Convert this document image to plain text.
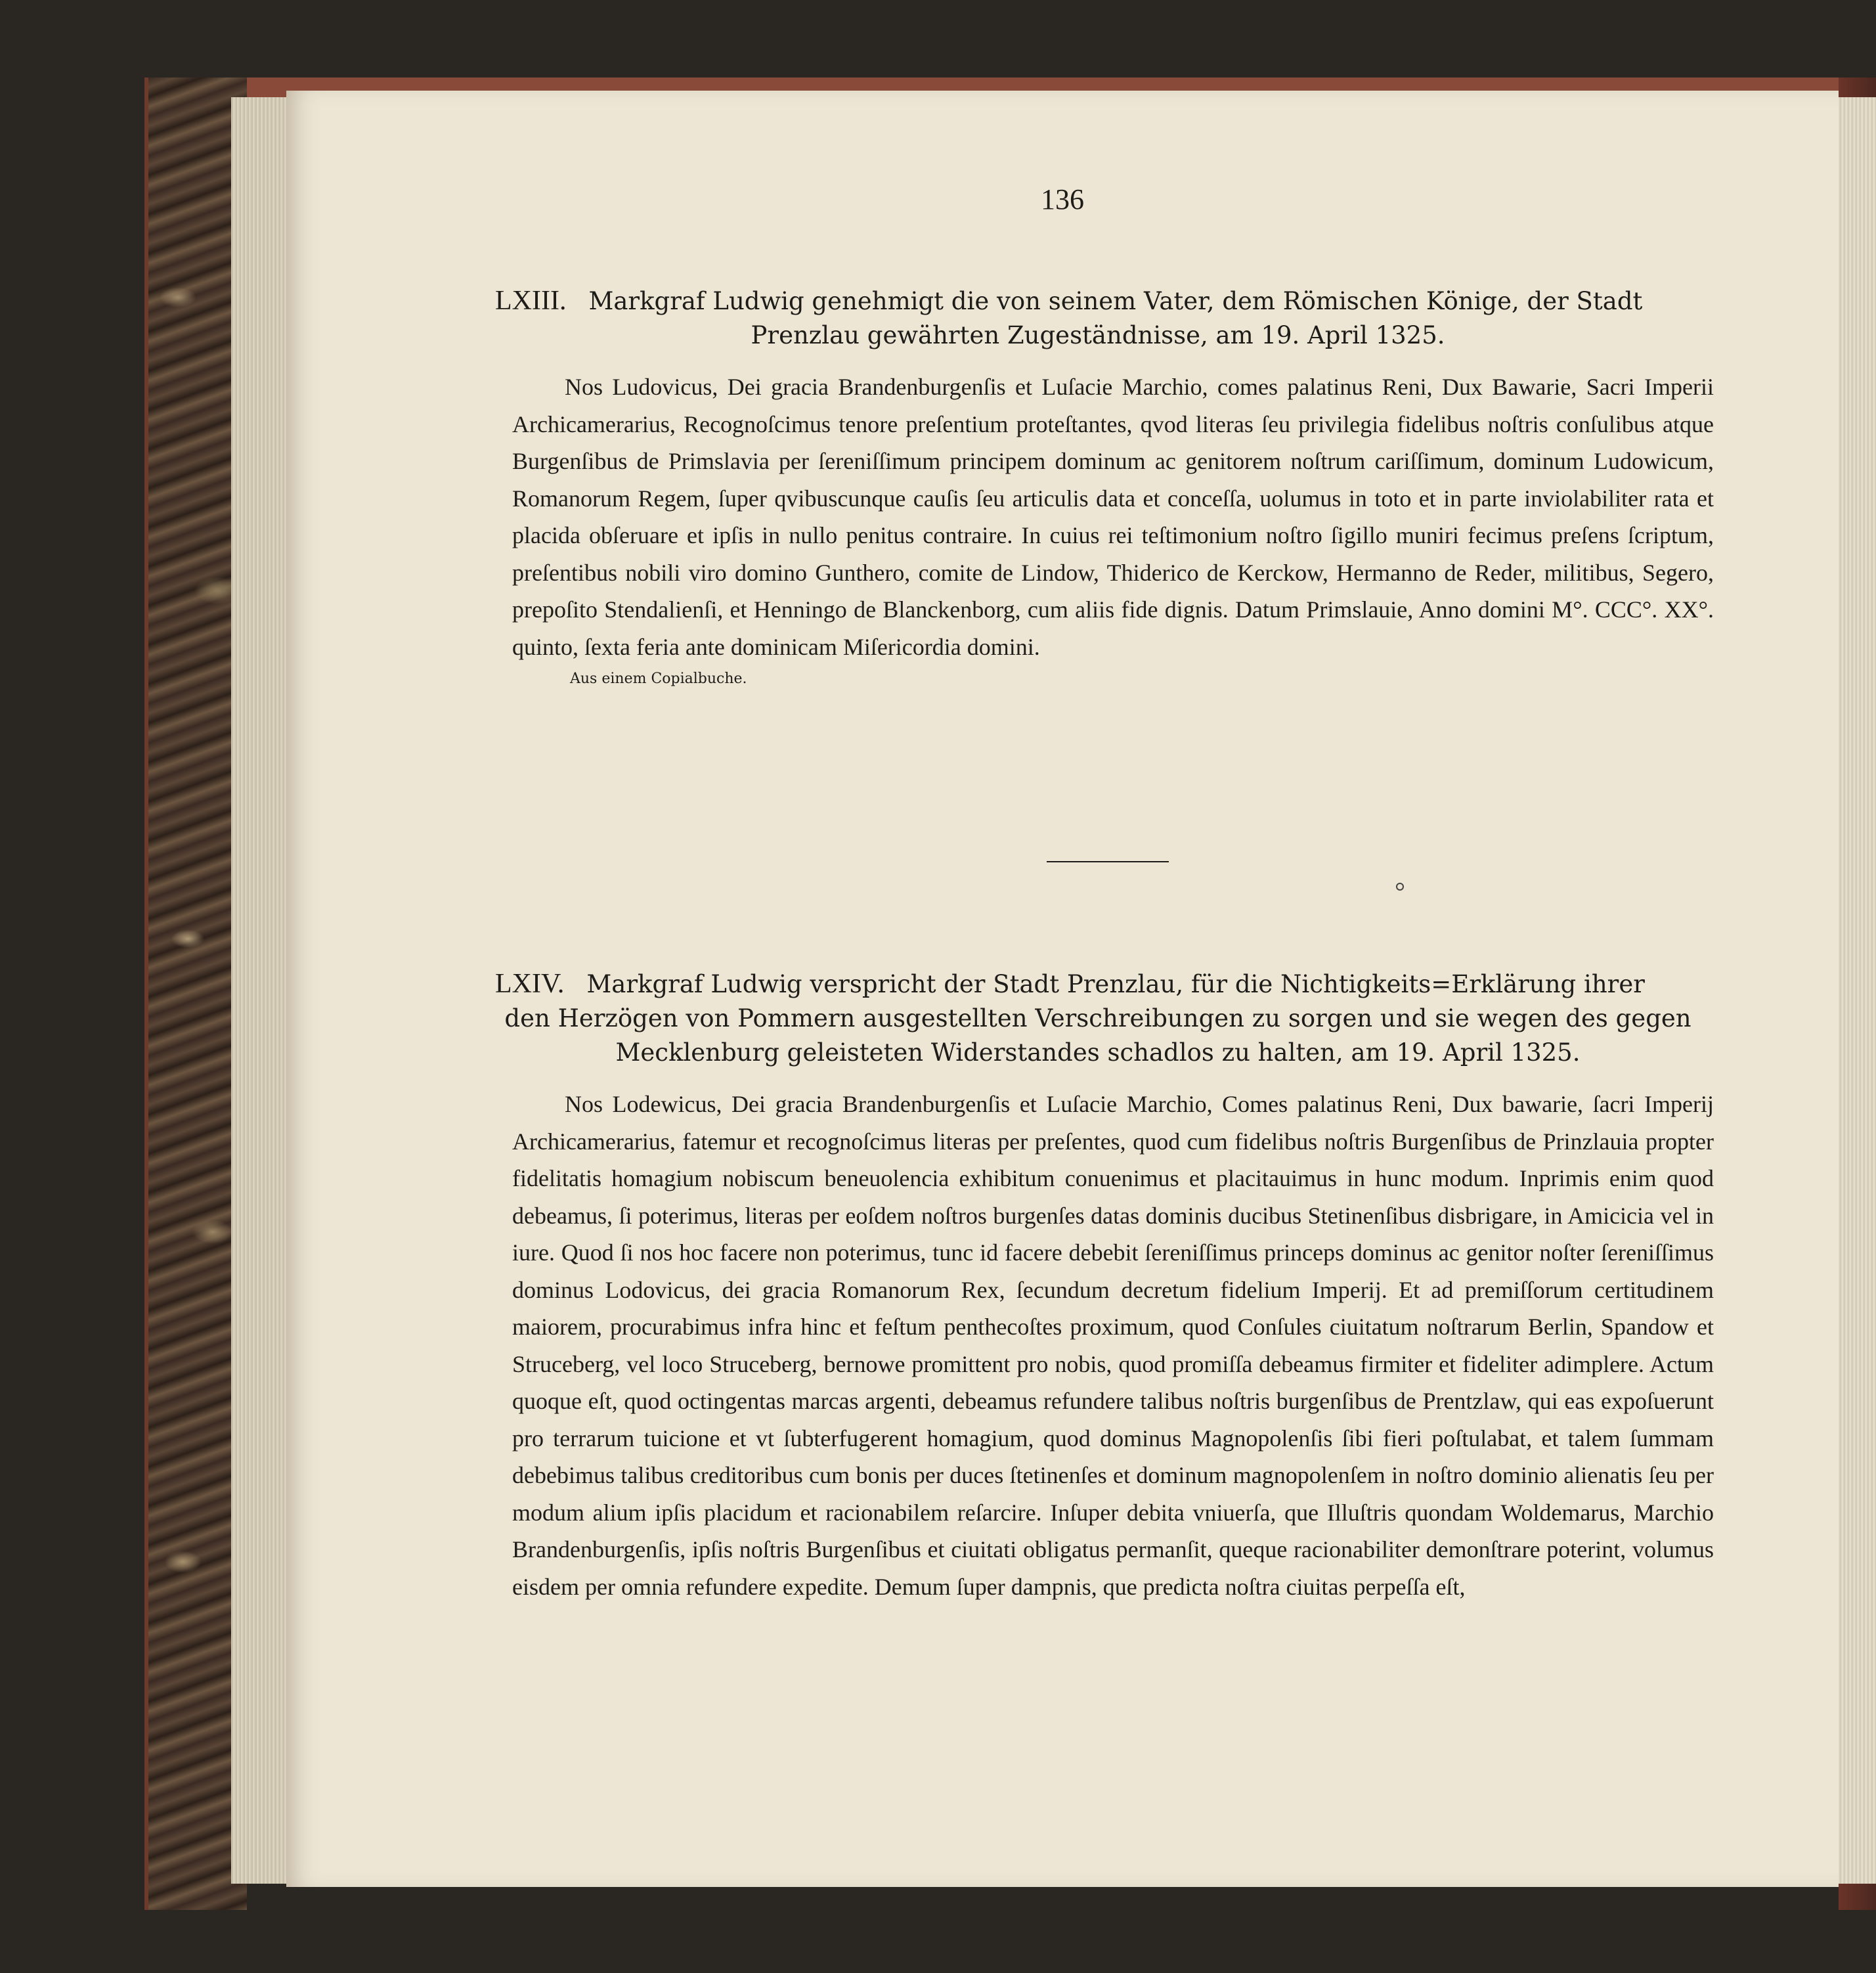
136
LXIII. Markgraf Ludwig genehmigt die von seinem Vater, dem Römischen Könige, der Stadt
Prenzlau gewährten Zugeständnisse, am 19. April 1325.
Nos Ludovicus, Dei gracia Brandenburgenſis et Luſacie Marchio, comes palatinus Reni, Dux Bawarie, Sacri Imperii Archicamerarius, Recognoſcimus tenore preſentium proteſtantes, qvod literas ſeu privilegia fidelibus noſtris conſulibus atque Burgenſibus de Primslavia per ſereniſſimum principem dominum ac genitorem noſtrum cariſſimum, dominum Ludowicum, Romanorum Regem, ſuper qvibuscunque cauſis ſeu articulis data et conceſſa, uolumus in toto et in parte inviolabiliter rata et placida obſeruare et ipſis in nullo penitus contraire. In cuius rei teſtimonium noſtro ſigillo muniri fecimus preſens ſcriptum, preſentibus nobili viro domino Gunthero, comite de Lindow, Thiderico de Kerckow, Hermanno de Reder, militibus, Segero, prepoſito Stendalienſi, et Henningo de Blanckenborg, cum aliis fide dignis. Datum Primslauie, Anno domini M°. CCC°. XX°. quinto, ſexta feria ante dominicam Miſericordia domini.
Aus einem Copialbuche.
LXIV. Markgraf Ludwig verspricht der Stadt Prenzlau, für die Nichtigkeits=Erklärung ihrer
den Herzögen von Pommern ausgestellten Verschreibungen zu sorgen und sie wegen des gegen
Mecklenburg geleisteten Widerstandes schadlos zu halten, am 19. April 1325.
Nos Lodewicus, Dei gracia Brandenburgenſis et Luſacie Marchio, Comes palatinus Reni, Dux bawarie, ſacri Imperij Archicamerarius, fatemur et recognoſcimus literas per preſentes, quod cum fidelibus noſtris Burgenſibus de Prinzlauia propter fidelitatis homagium nobiscum beneuolencia exhibitum conuenimus et placitauimus in hunc modum. Inprimis enim quod debeamus, ſi poterimus, literas per eoſdem noſtros burgenſes datas dominis ducibus Stetinenſibus disbrigare, in Amicicia vel in iure. Quod ſi nos hoc facere non poterimus, tunc id facere debebit ſereniſſimus princeps dominus ac genitor noſter ſereniſſimus dominus Lodovicus, dei gracia Romanorum Rex, ſecundum decretum fidelium Imperij. Et ad premiſſorum certitudinem maiorem, procurabimus infra hinc et feſtum penthecoſtes proximum, quod Conſules ciuitatum noſtrarum Berlin, Spandow et Struceberg, vel loco Struceberg, bernowe promittent pro nobis, quod promiſſa debeamus firmiter et fideliter adimplere. Actum quoque eſt, quod octingentas marcas argenti, debeamus refundere talibus noſtris burgenſibus de Prentzlaw, qui eas expoſuerunt pro terrarum tuicione et vt ſubterfugerent homagium, quod dominus Magnopolenſis ſibi fieri poſtulabat, et talem ſummam debebimus talibus creditoribus cum bonis per duces ſtetinenſes et dominum magnopolenſem in noſtro dominio alienatis ſeu per modum alium ipſis placidum et racionabilem reſarcire. Inſuper debita vniuerſa, que Illuſtris quondam Woldemarus, Marchio Brandenburgenſis, ipſis noſtris Burgenſibus et ciuitati obligatus permanſit, queque racionabiliter demonſtrare poterint, volumus eisdem per omnia refundere expedite. Demum ſuper dampnis, que predicta noſtra ciuitas perpeſſa eſt,
